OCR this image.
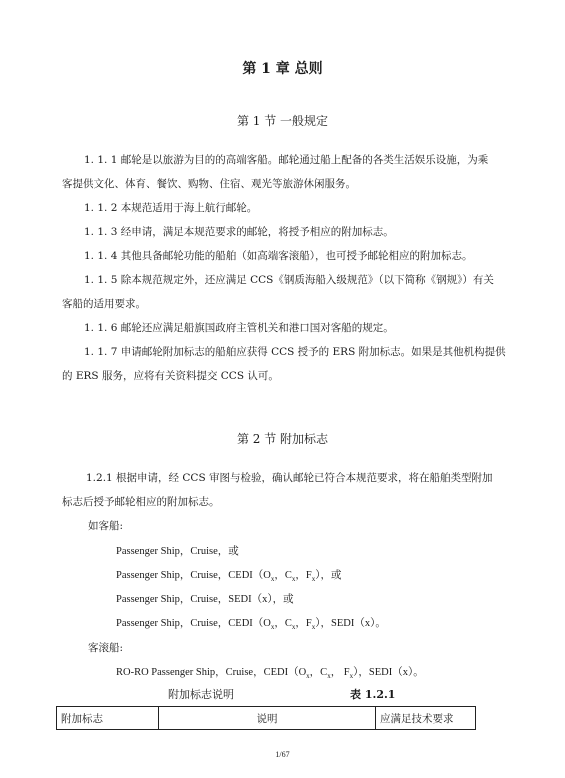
第 1 章 总则
第 1 节 一般规定
1. 1. 1 邮轮是以旅游为目的的高端客船。邮轮通过船上配备的各类生活娱乐设施，为乘
客提供文化、体育、餐饮、购物、住宿、观光等旅游休闲服务。
1. 1. 2 本规范适用于海上航行邮轮。
1. 1. 3 经申请，满足本规范要求的邮轮，将授予相应的附加标志。
1. 1. 4 其他具备邮轮功能的船舶（如高端客滚船），也可授予邮轮相应的附加标志。
1. 1. 5 除本规范规定外，还应满足 CCS《钢质海船入级规范》（以下简称《钢规》）有关
客船的适用要求。
1. 1. 6 邮轮还应满足船旗国政府主管机关和港口国对客船的规定。
1. 1. 7 申请邮轮附加标志的船舶应获得 CCS 授予的 ERS 附加标志。如果是其他机构提供
的 ERS 服务，应将有关资料提交 CCS 认可。
第 2 节 附加标志
1.2.1 根据申请，经 CCS 审图与检验，确认邮轮已符合本规范要求，将在船舶类型附加
标志后授予邮轮相应的附加标志。
如客船:
Passenger Ship，Cruise，或
Passenger Ship，Cruise，$CEDI(O_x$，$C_x$，$F_x$），或
Passenger Ship，Cruise，SEDI（x），或
Passenger Ship，Cruise，$CEDI(O_x$，$C_x$，$F_x$），SEDI（x）。
客滚船:
RO-RO Passenger Ship，Cruise，$CEDI(O_x$，$C_x$， $F_x$），SEDI（x）。
附加标志说明	表 1.2.1
附加标志	说明	应满足技术要求
1/67
